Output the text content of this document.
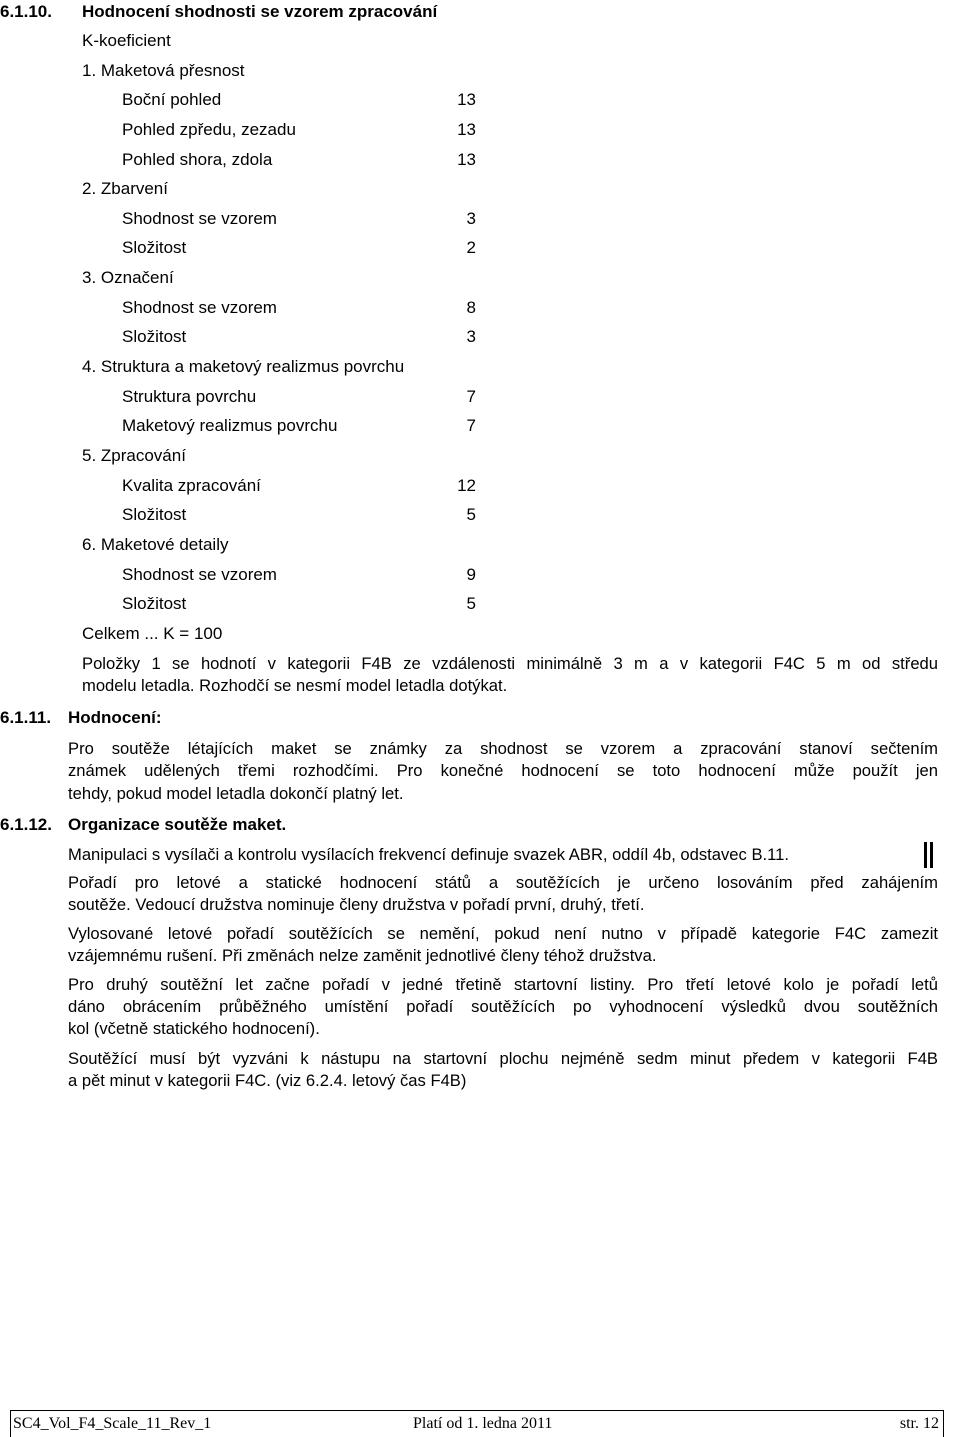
6.1.10. Hodnocení shodnosti se vzorem zpracování
K-koeficient
1. Maketová přesnost
Boční pohled	13
Pohled zpředu, zezadu	13
Pohled shora, zdola	13
2. Zbarvení
Shodnost se vzorem	3
Složitost	2
3. Označení
Shodnost se vzorem	8
Složitost	3
4. Struktura a maketový realizmus povrchu
Struktura povrchu	7
Maketový realizmus povrchu	7
5. Zpracování
Kvalita zpracování	12
Složitost	5
6. Maketové detaily
Shodnost se vzorem	9
Složitost	5
Celkem ... K = 100
Položky 1 se hodnotí v kategorii F4B ze vzdálenosti minimálně 3 m a v kategorii F4C 5 m od středu
modelu letadla. Rozhodčí se nesmí model letadla dotýkat.
6.1.11. Hodnocení:
Pro soutěže létajících maket se známky za shodnost se vzorem a zpracování stanoví sečtením
známek udělených třemi rozhodčími. Pro konečné hodnocení se toto hodnocení může použít jen
tehdy, pokud model letadla dokončí platný let.
6.1.12. Organizace soutěže maket.
Manipulaci s vysílači a kontrolu vysílacích frekvencí definuje svazek ABR, oddíl 4b, odstavec B.11.
Pořadí pro letové a statické hodnocení států a soutěžících je určeno losováním před zahájením
soutěže. Vedoucí družstva nominuje členy družstva v pořadí první, druhý, třetí.
Vylosované letové pořadí soutěžících se nemění, pokud není nutno v případě kategorie F4C zamezit
vzájemnému rušení. Při změnách nelze zaměnit jednotlivé členy téhož družstva.
Pro druhý soutěžní let začne pořadí v jedné třetině startovní listiny. Pro třetí letové kolo je pořadí letů
dáno obrácením průběžného umístění pořadí soutěžících po vyhodnocení výsledků dvou soutěžních
kol (včetně statického hodnocení).
Soutěžící musí být vyzváni k nástupu na startovní plochu nejméně sedm minut předem v kategorii F4B
a pět minut v kategorii F4C. (viz 6.2.4. letový čas F4B)
SC4_Vol_F4_Scale_11_Rev_1	Platí od 1. ledna 2011	str. 12
